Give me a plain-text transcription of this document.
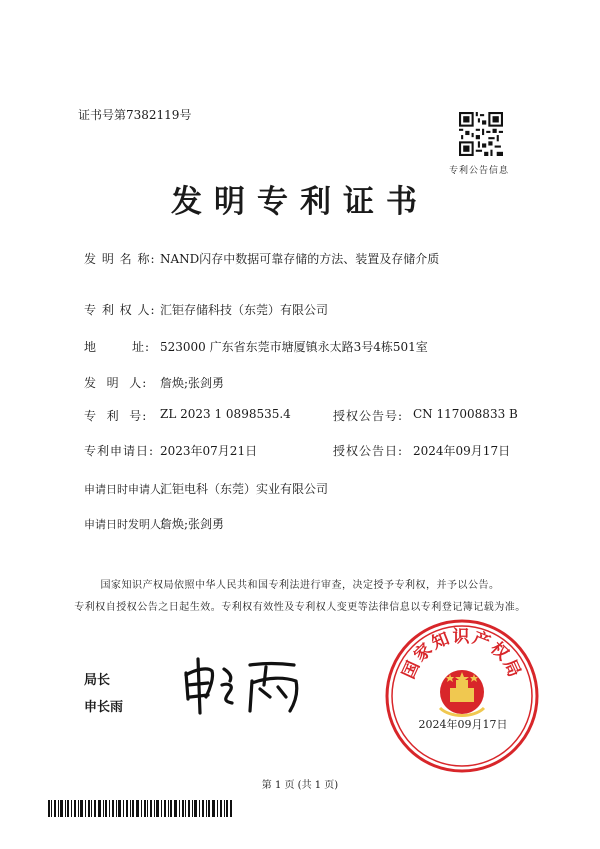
证书号第7382119号
专利公告信息
发明专利证书
发 明 名 称: NAND闪存中数据可靠存储的方法、装置及存储介质
专 利 权 人: 汇钜存储科技（东莞）有限公司
地	址: 523000 广东省东莞市塘厦镇永太路3号4栋501室
发  明  人: 詹焕;张剑勇
专  利  号: ZL 2023 1 0898535.4	授权公告号: CN 117008833 B
专利申请日: 2023年07月21日	授权公告日: 2024年09月17日
申请日时申请人:
汇钜电科（东莞）实业有限公司
申请日时发明人:
詹焕;张剑勇
国家知识产权局依照中华人民共和国专利法进行审查，决定授予专利权，并予以公告。
专利权自授权公告之日起生效。专利权有效性及专利权人变更等法律信息以专利登记簿记载为准。
局长
申长雨
国家知识产权局
2024年09月17日
第 1 页 (共 1 页)
